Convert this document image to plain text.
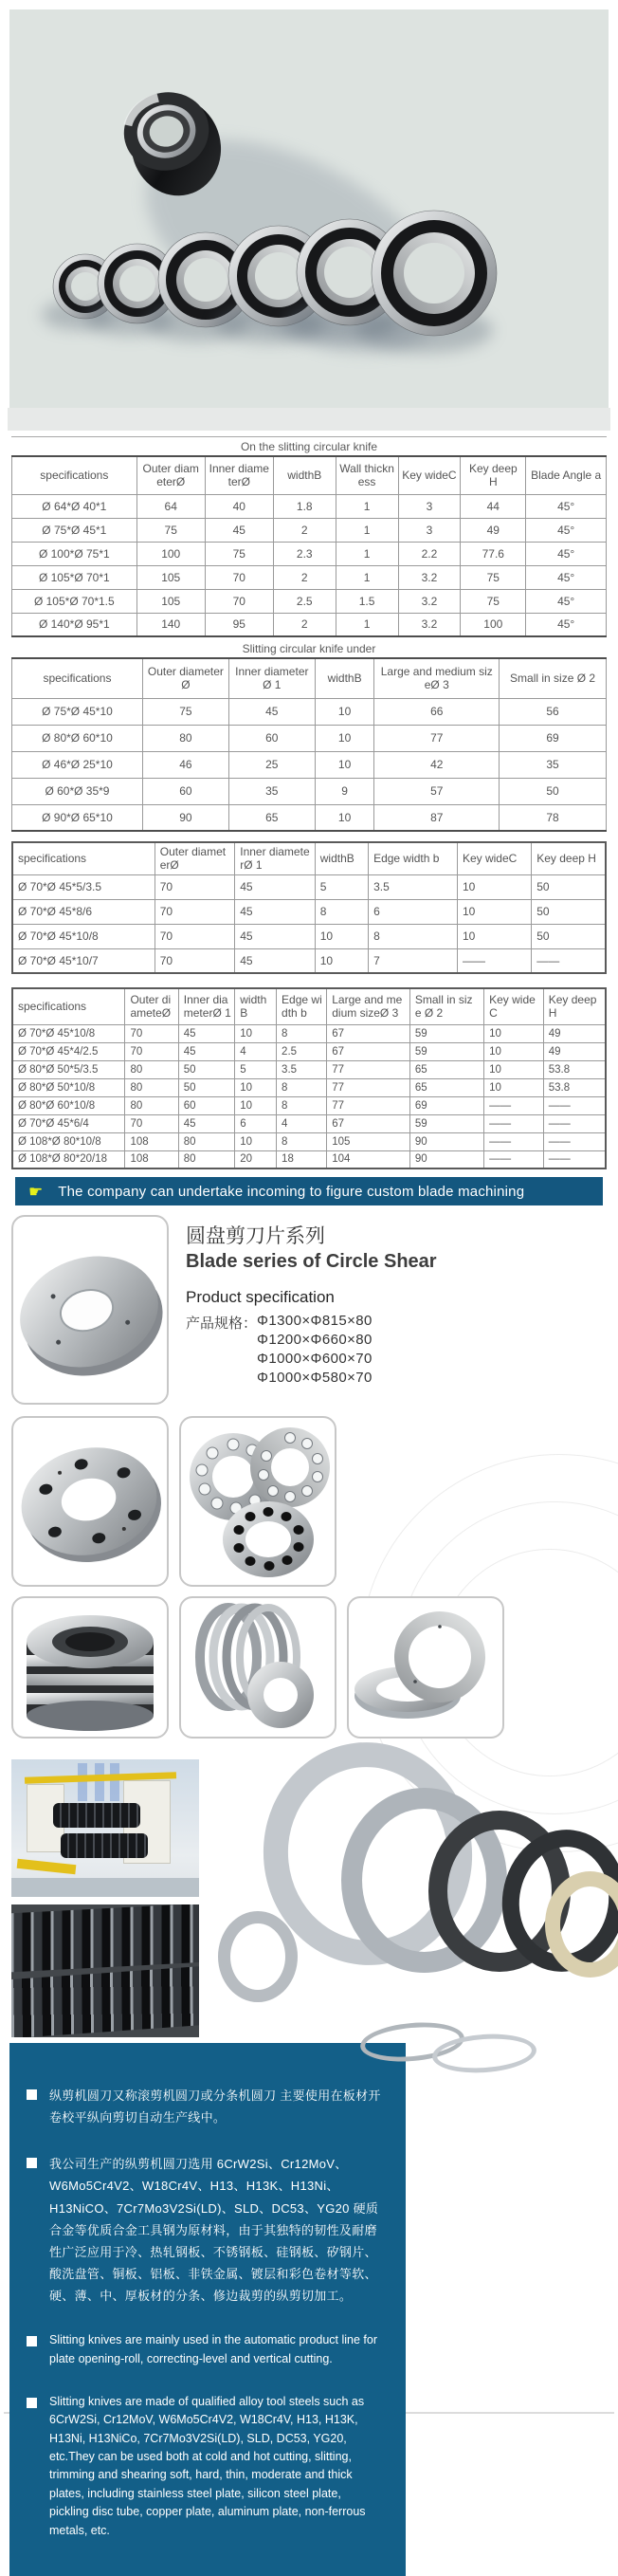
On the slitting circular knife
specifications	Outer diameterØ	Inner diameterØ	widthB	Wall thickness	Key wideC	Key deep H	Blade Angle a
Ø 64*Ø 40*1	64	40	1.8	1	3	44	45°
Ø 75*Ø 45*1	75	45	2	1	3	49	45°
Ø 100*Ø 75*1	100	75	2.3	1	2.2	77.6	45°
Ø 105*Ø 70*1	105	70	2	1	3.2	75	45°
Ø 105*Ø 70*1.5	105	70	2.5	1.5	3.2	75	45°
Ø 140*Ø 95*1	140	95	2	1	3.2	100	45°
Slitting circular knife under
specifications	Outer diameterØ	Inner diameterØ 1	widthB	Large and medium sizeØ 3	Small in size Ø 2
Ø 75*Ø 45*10	75	45	10	66	56
Ø 80*Ø 60*10	80	60	10	77	69
Ø 46*Ø 25*10	46	25	10	42	35
Ø 60*Ø 35*9	60	35	9	57	50
Ø 90*Ø 65*10	90	65	10	87	78
specifications	Outer diameterØ	Inner diameterØ 1	widthB	Edge width b	Key wideC	Key deep H
Ø 70*Ø 45*5/3.5	70	45	5	3.5	10	50
Ø 70*Ø 45*8/6	70	45	8	6	10	50
Ø 70*Ø 45*10/8	70	45	10	8	10	50
Ø 70*Ø 45*10/7	70	45	10	7	——	——
specifications	Outer diameteØ	Inner diameterØ 1	widthB	Edge width b	Large and medium sizeØ 3	Small in siz e Ø 2	Key wide C	Key deep H
Ø 70*Ø 45*10/8	70	45	10	8	67	59	10	49
Ø 70*Ø 45*4/2.5	70	45	4	2.5	67	59	10	49
Ø 80*Ø 50*5/3.5	80	50	5	3.5	77	65	10	53.8
Ø 80*Ø 50*10/8	80	50	10	8	77	65	10	53.8
Ø 80*Ø 60*10/8	80	60	10	8	77	69	——	——
Ø 70*Ø 45*6/4	70	45	6	4	67	59	——	——
Ø 108*Ø 80*10/8	108	80	10	8	105	90	——	——
Ø 108*Ø 80*20/18	108	80	20	18	104	90	——	——
☛ The company can undertake incoming to figure custom blade machining
圆盘剪刀片系列
Blade series of Circle Shear
Product specification
产品规格： Φ1300×Φ815×80
Φ1200×Φ660×80
Φ1000×Φ600×70
Φ1000×Φ580×70
纵剪机圆刀又称滚剪机圆刀或分条机圆刀 主要使用在板材开卷校平纵向剪切自动生产线中。
我公司生产的纵剪机圆刀选用 6CrW2Si、Cr12MoV、W6Mo5Cr4V2、W18Cr4V、H13、H13K、H13Ni、H13NiCO、7Cr7Mo3V2Si(LD)、SLD、DC53、YG20 硬质合金等优质合金工具钢为原材料，由于其独特的韧性及耐磨性广泛应用于冷、热轧钢板、不锈钢板、硅钢板、矽钢片、酸洗盘管、铜板、铝板、非铁金属、镀层和彩色卷材等软、硬、薄、中、厚板材的分条、修边裁剪的纵剪切加工。
Slitting knives are mainly used in the automatic product line for plate opening-roll, correcting-level and vertical cutting.
Slitting knives are made of qualified alloy tool steels such as 6CrW2Si, Cr12MoV, W6Mo5Cr4V2, W18Cr4V, H13, H13K, H13Ni, H13NiCo, 7Cr7Mo3V2Si(LD), SLD, DC53, YG20, etc.They can be used both at cold and hot cutting, slitting, trimming and shearing soft, hard, thin, moderate and thick plates, including stainless steel plate, silicon steel plate, pickling disc tube, copper plate, aluminum plate, non-ferrous metals, etc.
